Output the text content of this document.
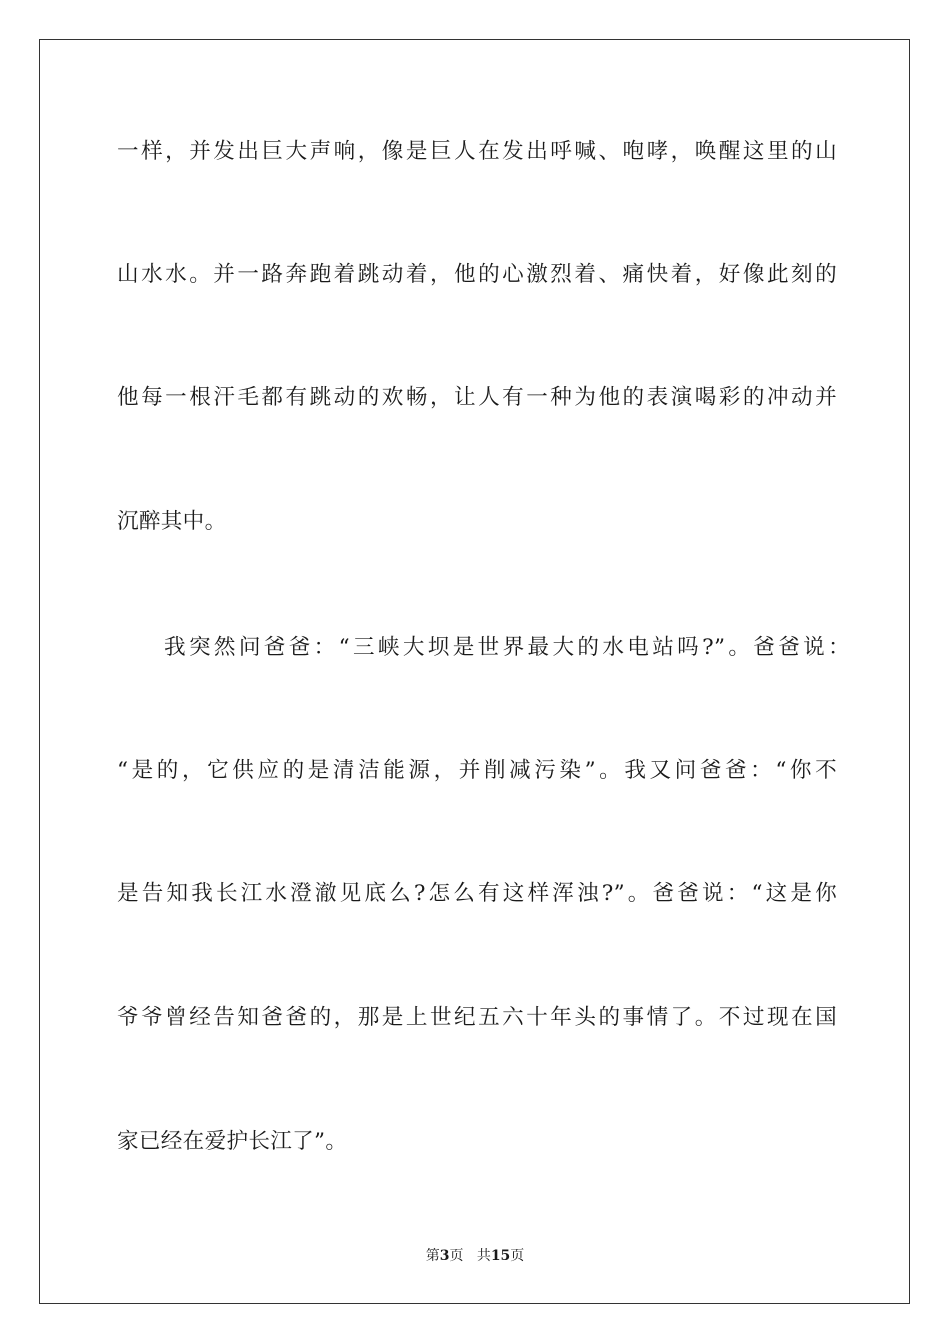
一样，并发出巨大声响，像是巨人在发出呼喊、咆哮，唤醒这里的山
山水水。并一路奔跑着跳动着，他的心激烈着、痛快着，好像此刻的
他每一根汗毛都有跳动的欢畅，让人有一种为他的表演喝彩的冲动并
沉醉其中。
我突然问爸爸：“三峡大坝是世界最大的水电站吗?”。爸爸说：
“是的，它供应的是清洁能源，并削减污染”。我又问爸爸：“你不
是告知我长江水澄澈见底么?怎么有这样浑浊?”。爸爸说：“这是你
爷爷曾经告知爸爸的，那是上世纪五六十年头的事情了。不过现在国
家已经在爱护长江了”。
第3页 共15页
